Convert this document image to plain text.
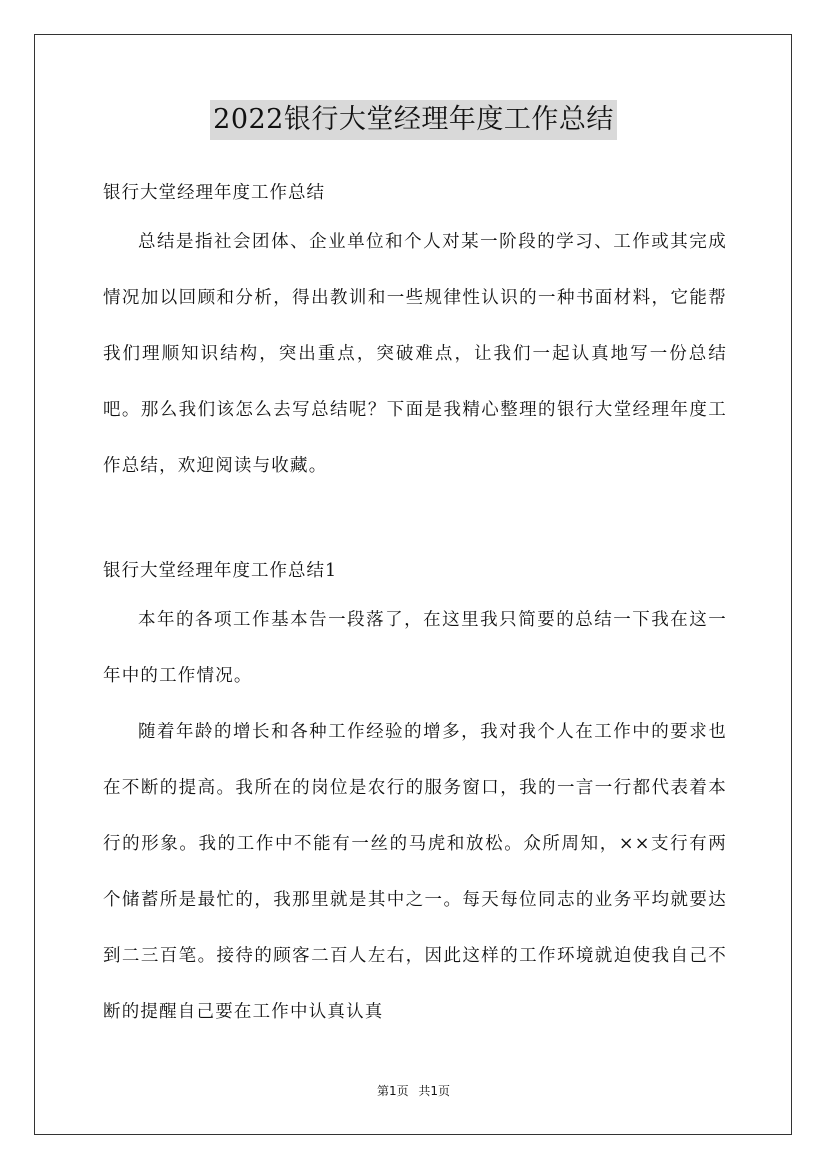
2022银行大堂经理年度工作总结
银行大堂经理年度工作总结

总结是指社会团体、企业单位和个人对某一阶段的学习、工作或其完成情况加以回顾和分析，得出教训和一些规律性认识的一种书面材料，它能帮我们理顺知识结构，突出重点，突破难点，让我们一起认真地写一份总结吧。那么我们该怎么去写总结呢？下面是我精心整理的银行大堂经理年度工作总结，欢迎阅读与收藏。

银行大堂经理年度工作总结1

本年的各项工作基本告一段落了，在这里我只简要的总结一下我在这一年中的工作情况。

随着年龄的增长和各种工作经验的增多，我对我个人在工作中的要求也在不断的提高。我所在的岗位是农行的服务窗口，我的一言一行都代表着本行的形象。我的工作中不能有一丝的马虎和放松。众所周知，××支行有两个储蓄所是最忙的，我那里就是其中之一。每天每位同志的业务平均就要达到二三百笔。接待的顾客二百人左右，因此这样的工作环境就迫使我自己不断的提醒自己要在工作中认真认真

第1页 共1页
